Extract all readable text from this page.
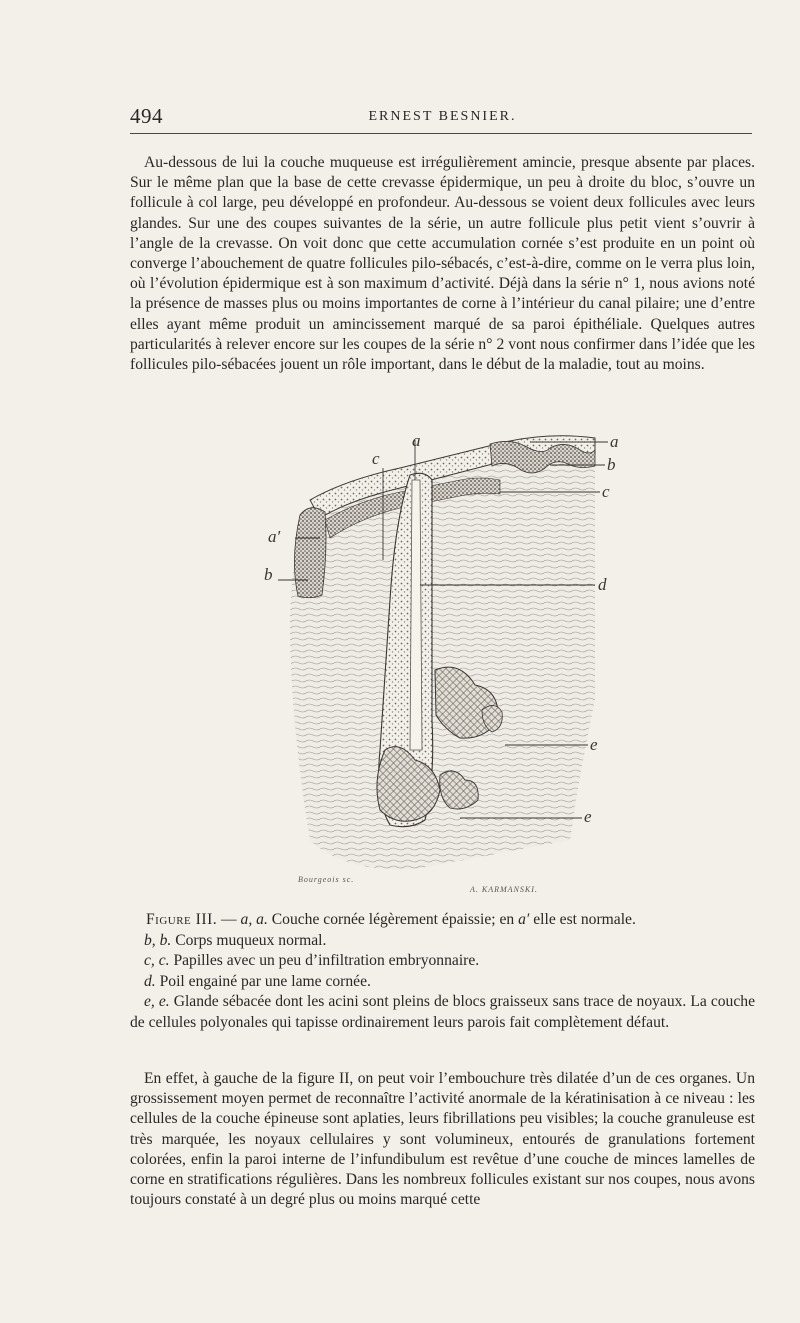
494	ERNEST BESNIER.

Au-dessous de lui la couche muqueuse est irrégulièrement amincie, presque absente par places. Sur le même plan que la base de cette crevasse épidermique, un peu à droite du bloc, s’ouvre un follicule à col large, peu développé en profondeur. Au-dessous se voient deux follicules avec leurs glandes. Sur une des coupes suivantes de la série, un autre follicule plus petit vient s’ouvrir à l’angle de la crevasse. On voit donc que cette accumulation cornée s’est produite en un point où converge l’abouchement de quatre follicules pilo-sébacés, c’est-à-dire, comme on le verra plus loin, où l’évolution épidermique est à son maximum d’activité. Déjà dans la série n° 1, nous avions noté la présence de masses plus ou moins importantes de corne à l’intérieur du canal pilaire; une d’entre elles ayant même produit un amincissement marqué de sa paroi épithéliale. Quelques autres particularités à relever encore sur les coupes de la série n° 2 vont nous confirmer dans l’idée que les follicules pilo-sébacées jouent un rôle important, dans le début de la maladie, tout au moins.

a
c
a
b
c
a′
b
d
e
e
Bourgeois sc.
A. KARMANSKI.

Figure III. — a, a. Couche cornée légèrement épaissie; en a′ elle est normale.

b, b. Corps muqueux normal.

c, c. Papilles avec un peu d’infiltration embryonnaire.

d. Poil engainé par une lame cornée.

e, e. Glande sébacée dont les acini sont pleins de blocs graisseux sans trace de noyaux. La couche de cellules polyonales qui tapisse ordinairement leurs parois fait complètement défaut.

En effet, à gauche de la figure II, on peut voir l’embouchure très dilatée d’un de ces organes. Un grossissement moyen permet de reconnaître l’activité anormale de la kératinisation à ce niveau : les cellules de la couche épineuse sont aplaties, leurs fibrillations peu visibles; la couche granuleuse est très marquée, les noyaux cellulaires y sont volumineux, entourés de granulations fortement colorées, enfin la paroi interne de l’infundibulum est revêtue d’une couche de minces lamelles de corne en stratifications régulières. Dans les nombreux follicules existant sur nos coupes, nous avons toujours constaté à un degré plus ou moins marqué cette
